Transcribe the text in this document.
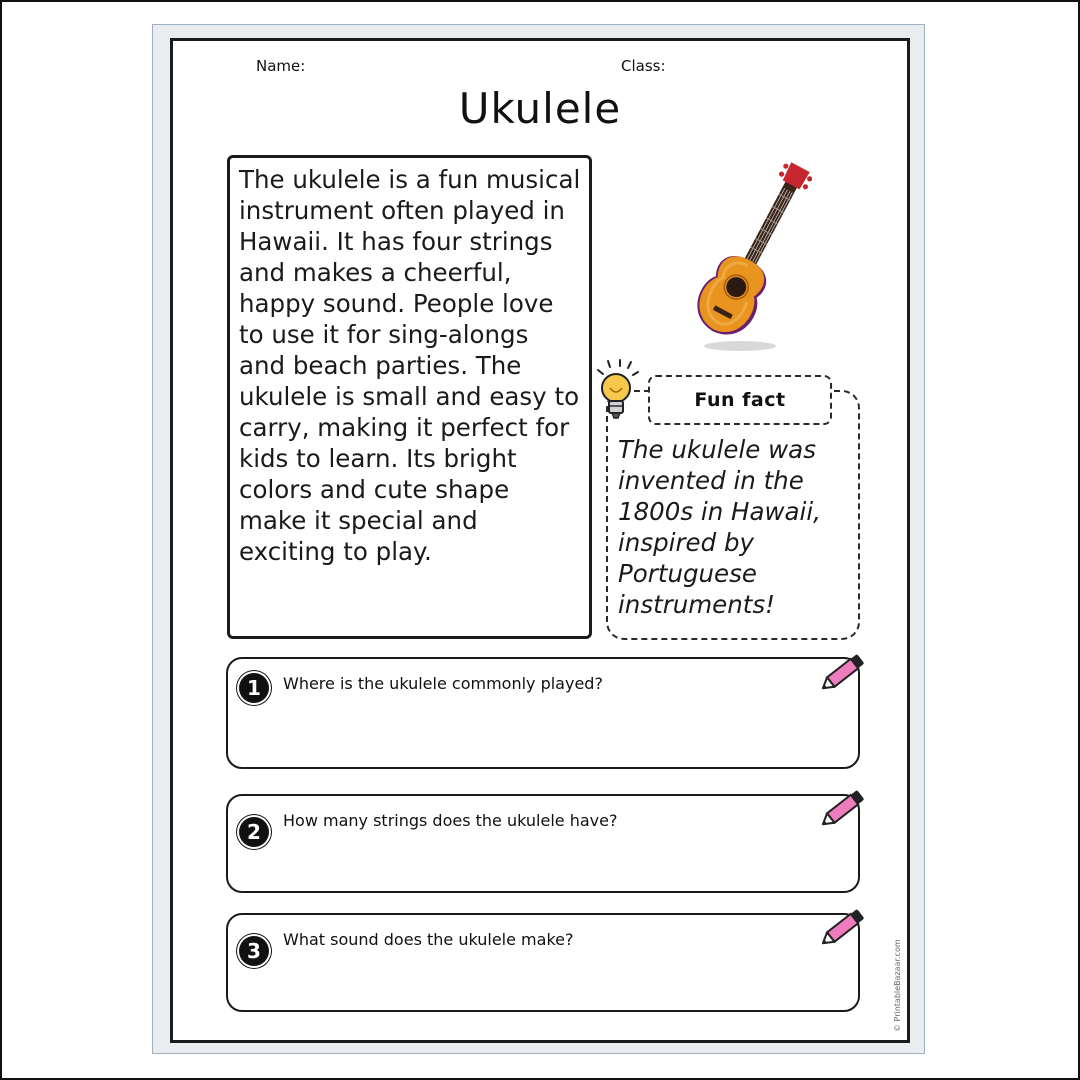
Name:	Class:
Ukulele

The ukulele is a fun musical instrument often played in Hawaii. It has four strings and makes a cheerful, happy sound. People love to use it for sing-alongs and beach parties. The ukulele is small and easy to carry, making it perfect for kids to learn. Its bright colors and cute shape make it special and exciting to play.

The ukulele was invented in the 1800s in Hawaii, inspired by Portuguese instruments!

Fun fact
1	Where is the ukulele commonly played?
2	How many strings does the ukulele have?
3	What sound does the ukulele make?	© PrintableBazaar.com
